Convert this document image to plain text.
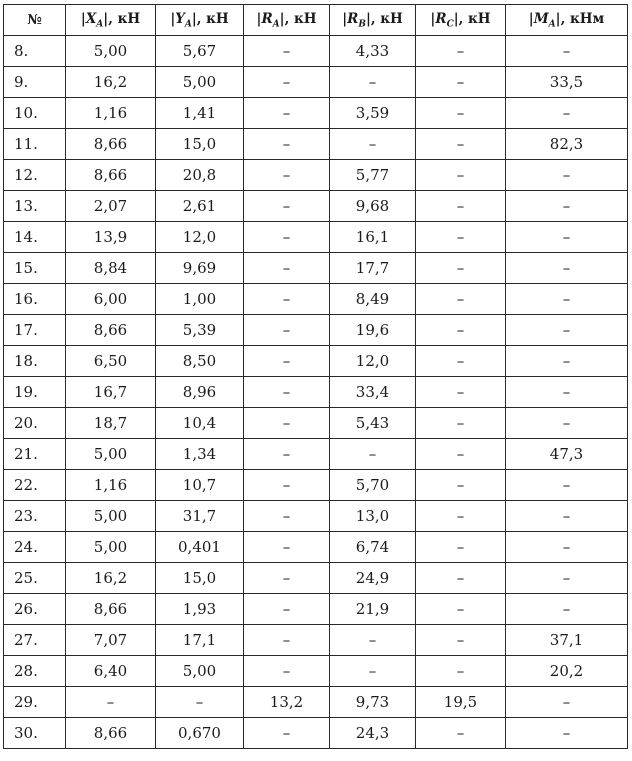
№	$|X_A|$, кН	$|Y_A|$, кН	$|R_A|$, кН	$|R_B|$, кН	$|R_C|$, кН	$|M_A|$, кНм
8.	5,00	5,67	–	4,33	–	–
9.	16,2	5,00	–	–	–	33,5
10.	1,16	1,41	–	3,59	–	–
11.	8,66	15,0	–	–	–	82,3
12.	8,66	20,8	–	5,77	–	–
13.	2,07	2,61	–	9,68	–	–
14.	13,9	12,0	–	16,1	–	–
15.	8,84	9,69	–	17,7	–	–
16.	6,00	1,00	–	8,49	–	–
17.	8,66	5,39	–	19,6	–	–
18.	6,50	8,50	–	12,0	–	–
19.	16,7	8,96	–	33,4	–	–
20.	18,7	10,4	–	5,43	–	–
21.	5,00	1,34	–	–	–	47,3
22.	1,16	10,7	–	5,70	–	–
23.	5,00	31,7	–	13,0	–	–
24.	5,00	0,401	–	6,74	–	–
25.	16,2	15,0	–	24,9	–	–
26.	8,66	1,93	–	21,9	–	–
27.	7,07	17,1	–	–	–	37,1
28.	6,40	5,00	–	–	–	20,2
29.	–	–	13,2	9,73	19,5	–
30.	8,66	0,670	–	24,3	–	–
